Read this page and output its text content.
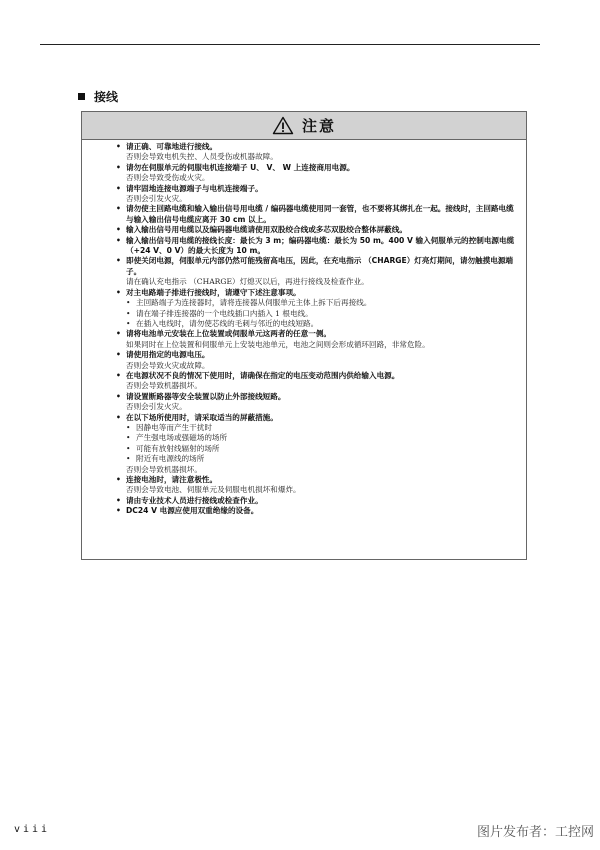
接线
注意
• 请正确、可靠地进行接线。
否则会导致电机失控、人员受伤或机器故障。
• 请勿在伺服单元的伺服电机连接端子 U、 V、 W 上连接商用电源。
否则会导致受伤或火灾。
• 请牢固地连接电源端子与电机连接端子。
否则会引发火灾。
• 请勿使主回路电缆和输入输出信号用电缆 / 编码器电缆使用同一套管，也不要将其绑扎在一起。接线时，主回路电缆与输入输出信号电缆应离开 30 cm 以上。
• 输入输出信号用电缆以及编码器电缆请使用双股绞合线或多芯双股绞合整体屏蔽线。
• 输入输出信号用电缆的接线长度：最长为 3 m；编码器电缆：最长为 50 m。400 V 输入伺服单元的控制电源电缆 （+24 V、0 V）的最大长度为 10 m。
• 即使关闭电源，伺服单元内部仍然可能残留高电压，因此，在充电指示 （CHARGE）灯亮灯期间，请勿触摸电源端子。
请在确认充电指示 （CHARGE）灯熄灭以后，再进行接线及检查作业。
• 对主电路端子排进行接线时，请遵守下述注意事项。
• 主回路端子为连接器时，请将连接器从伺服单元主体上拆下后再接线。
• 请在端子排连接器的一个电线插口内插入 1 根电线。
• 在插入电线时，请勿使芯线的毛刺与邻近的电线短路。
• 请将电池单元安装在上位装置或伺服单元这两者的任意一侧。
如果同时在上位装置和伺服单元上安装电池单元，电池之间则会形成循环回路，非常危险。
• 请使用指定的电源电压。
否则会导致火灾或故障。
• 在电源状况不良的情况下使用时，请确保在指定的电压变动范围内供给输入电源。
否则会导致机器损坏。
• 请设置断路器等安全装置以防止外部接线短路。
否则会引发火灾。
• 在以下场所使用时，请采取适当的屏蔽措施。
• 因静电等而产生干扰时
• 产生强电场或强磁场的场所
• 可能有放射线辐射的场所
• 附近有电源线的场所
否则会导致机器损坏。
• 连接电池时，请注意极性。
否则会导致电池、伺服单元及伺服电机损坏和爆炸。
• 请由专业技术人员进行接线或检查作业。
• DC24 V 电源应使用双重绝缘的设备。
viii	图片发布者：工控网
